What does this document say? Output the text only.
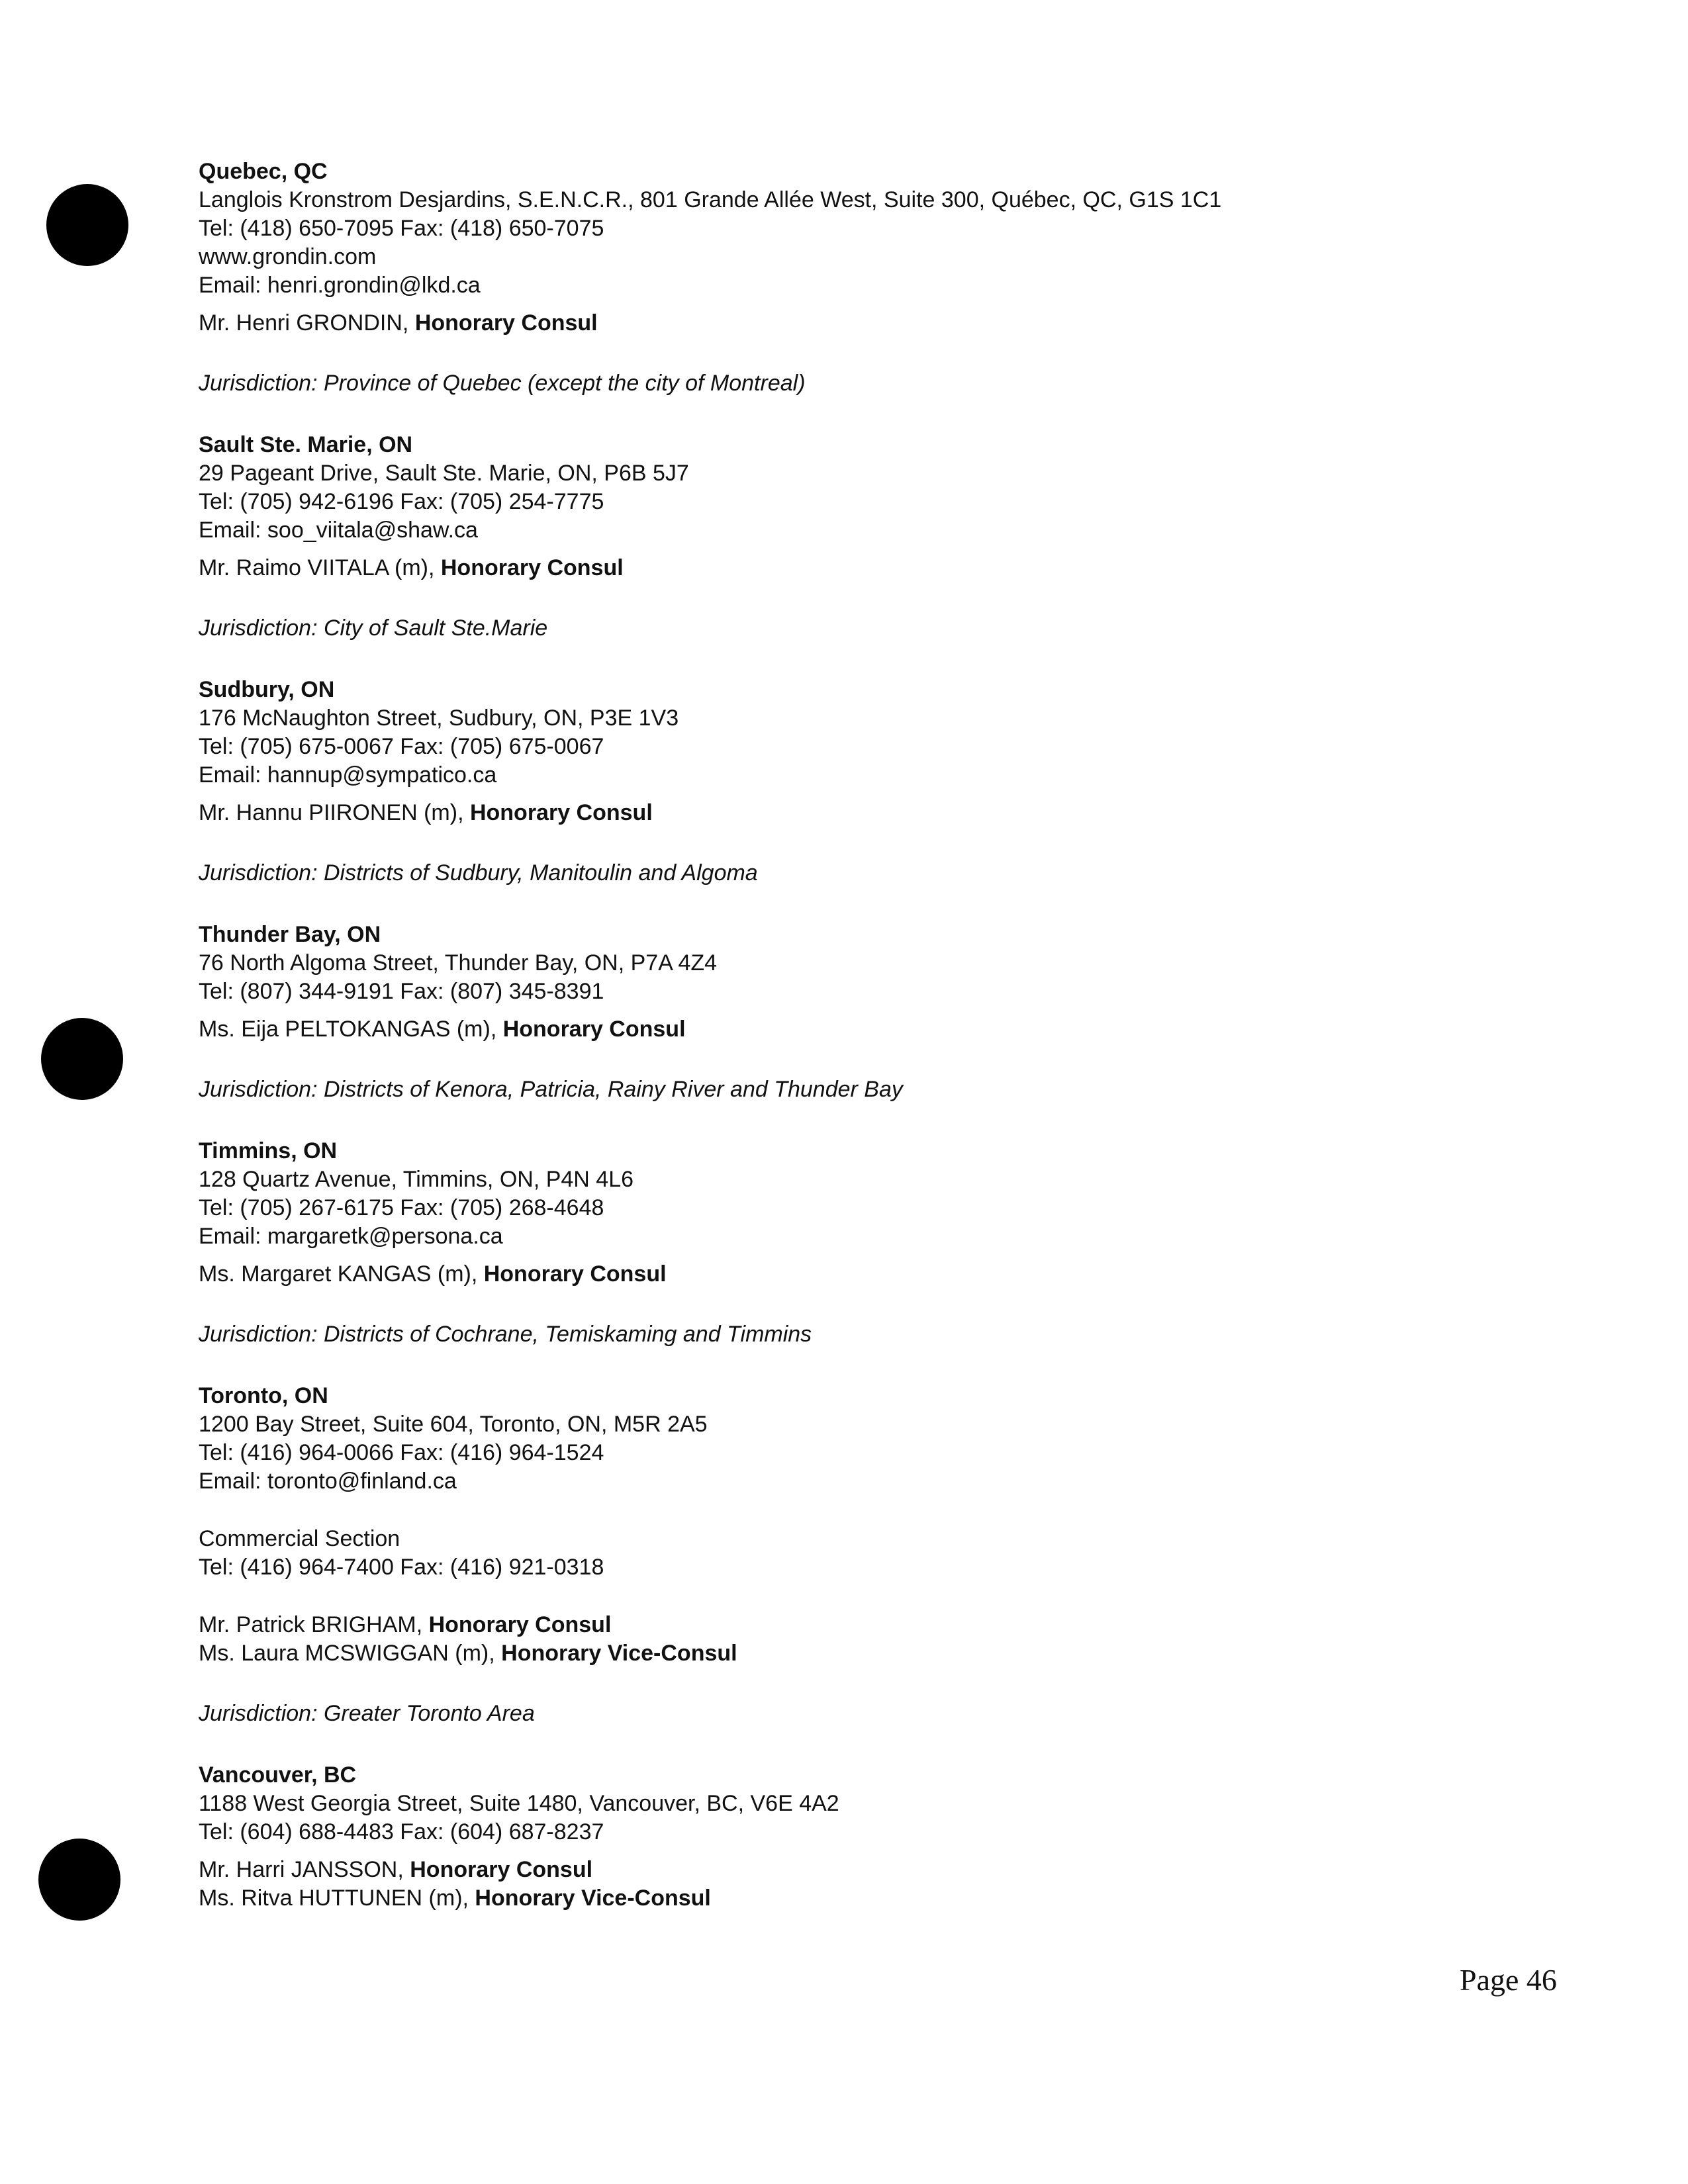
Quebec, QC
Langlois Kronstrom Desjardins, S.E.N.C.R., 801 Grande Allée West, Suite 300, Québec, QC, G1S 1C1
Tel: (418) 650-7095 Fax: (418) 650-7075
www.grondin.com
Email: henri.grondin@lkd.ca
Mr. Henri GRONDIN, Honorary Consul
Jurisdiction: Province of Quebec (except the city of Montreal)
Sault Ste. Marie, ON
29 Pageant Drive, Sault Ste. Marie, ON, P6B 5J7
Tel: (705) 942-6196 Fax: (705) 254-7775
Email: soo_viitala@shaw.ca
Mr. Raimo VIITALA (m), Honorary Consul
Jurisdiction: City of Sault Ste.Marie
Sudbury, ON
176 McNaughton Street, Sudbury, ON, P3E 1V3
Tel: (705) 675-0067 Fax: (705) 675-0067
Email: hannup@sympatico.ca
Mr. Hannu PIIRONEN (m), Honorary Consul
Jurisdiction: Districts of Sudbury, Manitoulin and Algoma
Thunder Bay, ON
76 North Algoma Street, Thunder Bay, ON, P7A 4Z4
Tel: (807) 344-9191 Fax: (807) 345-8391
Ms. Eija PELTOKANGAS (m), Honorary Consul
Jurisdiction: Districts of Kenora, Patricia, Rainy River and Thunder Bay
Timmins, ON
128 Quartz Avenue, Timmins, ON, P4N 4L6
Tel: (705) 267-6175 Fax: (705) 268-4648
Email: margaretk@persona.ca
Ms. Margaret KANGAS (m), Honorary Consul
Jurisdiction: Districts of Cochrane, Temiskaming and Timmins
Toronto, ON
1200 Bay Street, Suite 604, Toronto, ON, M5R 2A5
Tel: (416) 964-0066 Fax: (416) 964-1524
Email: toronto@finland.ca
Commercial Section
Tel: (416) 964-7400 Fax: (416) 921-0318
Mr. Patrick BRIGHAM, Honorary Consul
Ms. Laura MCSWIGGAN (m), Honorary Vice-Consul
Jurisdiction: Greater Toronto Area
Vancouver, BC
1188 West Georgia Street, Suite 1480, Vancouver, BC, V6E 4A2
Tel: (604) 688-4483 Fax: (604) 687-8237
Mr. Harri JANSSON, Honorary Consul
Ms. Ritva HUTTUNEN (m), Honorary Vice-Consul
Page 46
